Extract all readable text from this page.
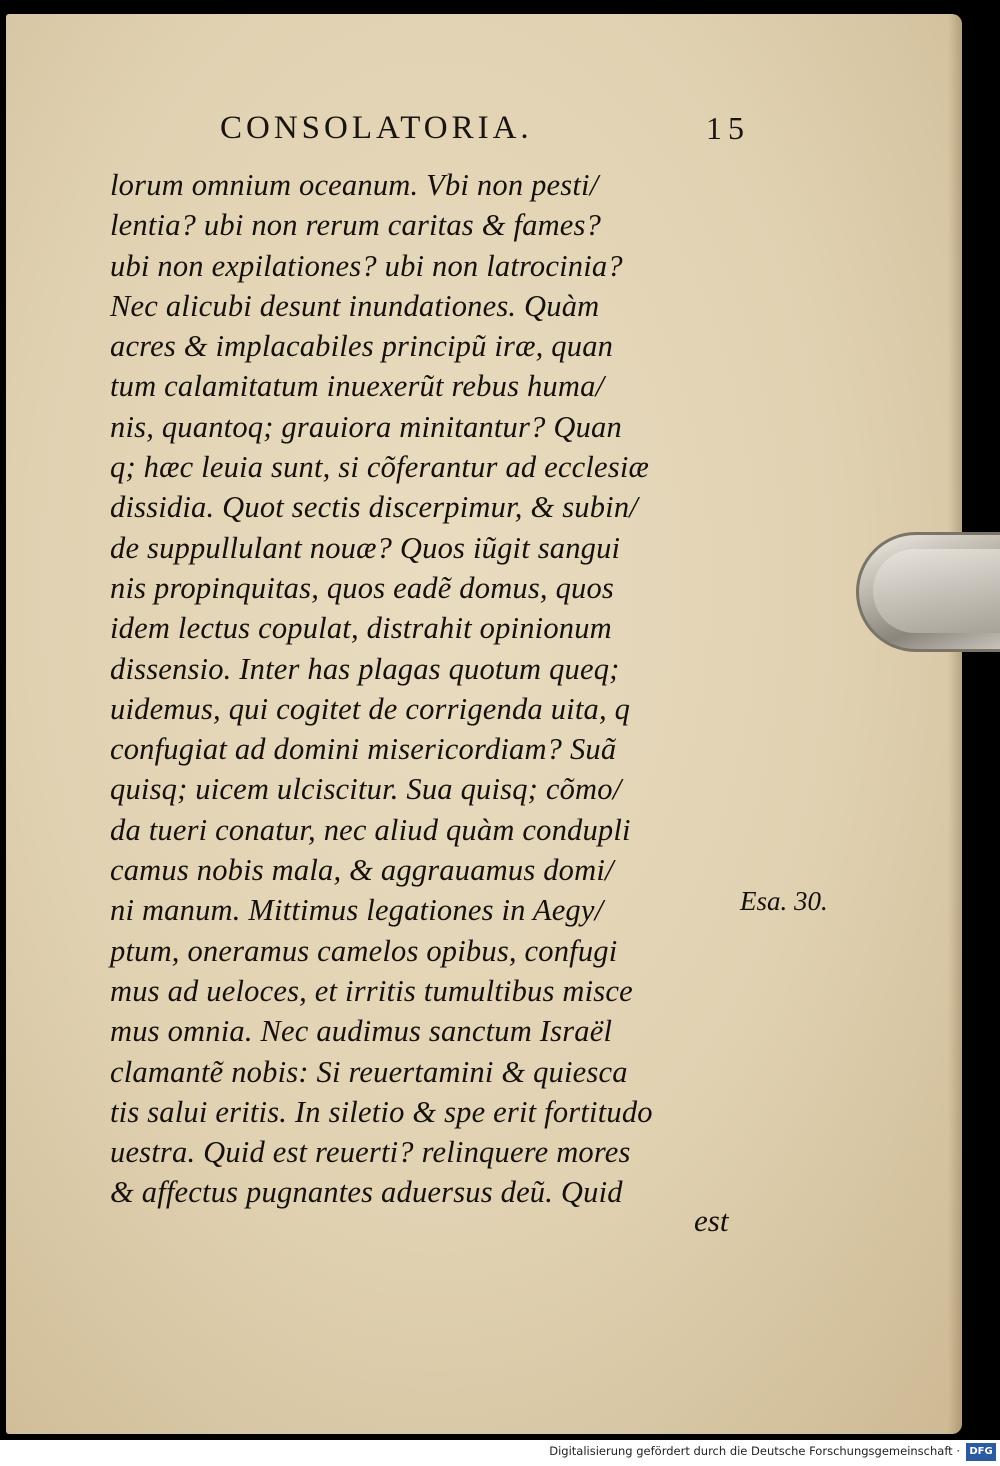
CONSOLATORIA.	15
lorum omnium oceanum. Vbi non pesti/
lentia? ubi non rerum caritas & fames?
ubi non expilationes? ubi non latrocinia?
Nec alicubi desunt inundationes. Quàm
acres & implacabiles principũ iræ, quan
tum calamitatum inuexerũt rebus huma/
nis, quantoq; grauiora minitantur? Quan
q; hæc leuia sunt, si cõferantur ad ecclesiæ
dissidia. Quot sectis discerpimur, & subin/
de suppullulant nouæ? Quos iũgit sangui
nis propinquitas, quos eadẽ domus, quos
idem lectus copulat, distrahit opinionum
dissensio. Inter has plagas quotum queq;
uidemus, qui cogitet de corrigenda uita, q
confugiat ad domini misericordiam? Suã
quisq; uicem ulciscitur. Sua quisq; cõmo/
da tueri conatur, nec aliud quàm condupli
camus nobis mala, & aggrauamus domi/
ni manum. Mittimus legationes in Aegy/
ptum, oneramus camelos opibus, confugi
mus ad ueloces, et irritis tumultibus misce
mus omnia. Nec audimus sanctum Israël
clamantẽ nobis: Si reuertamini & quiesca
tis salui eritis. In siletio & spe erit fortitudo
uestra. Quid est reuerti? relinquere mores
& affectus pugnantes aduersus deũ. Quid
Esa. 30.
est
Digitalisierung gefördert durch die Deutsche Forschungsgemeinschaft · DFG
